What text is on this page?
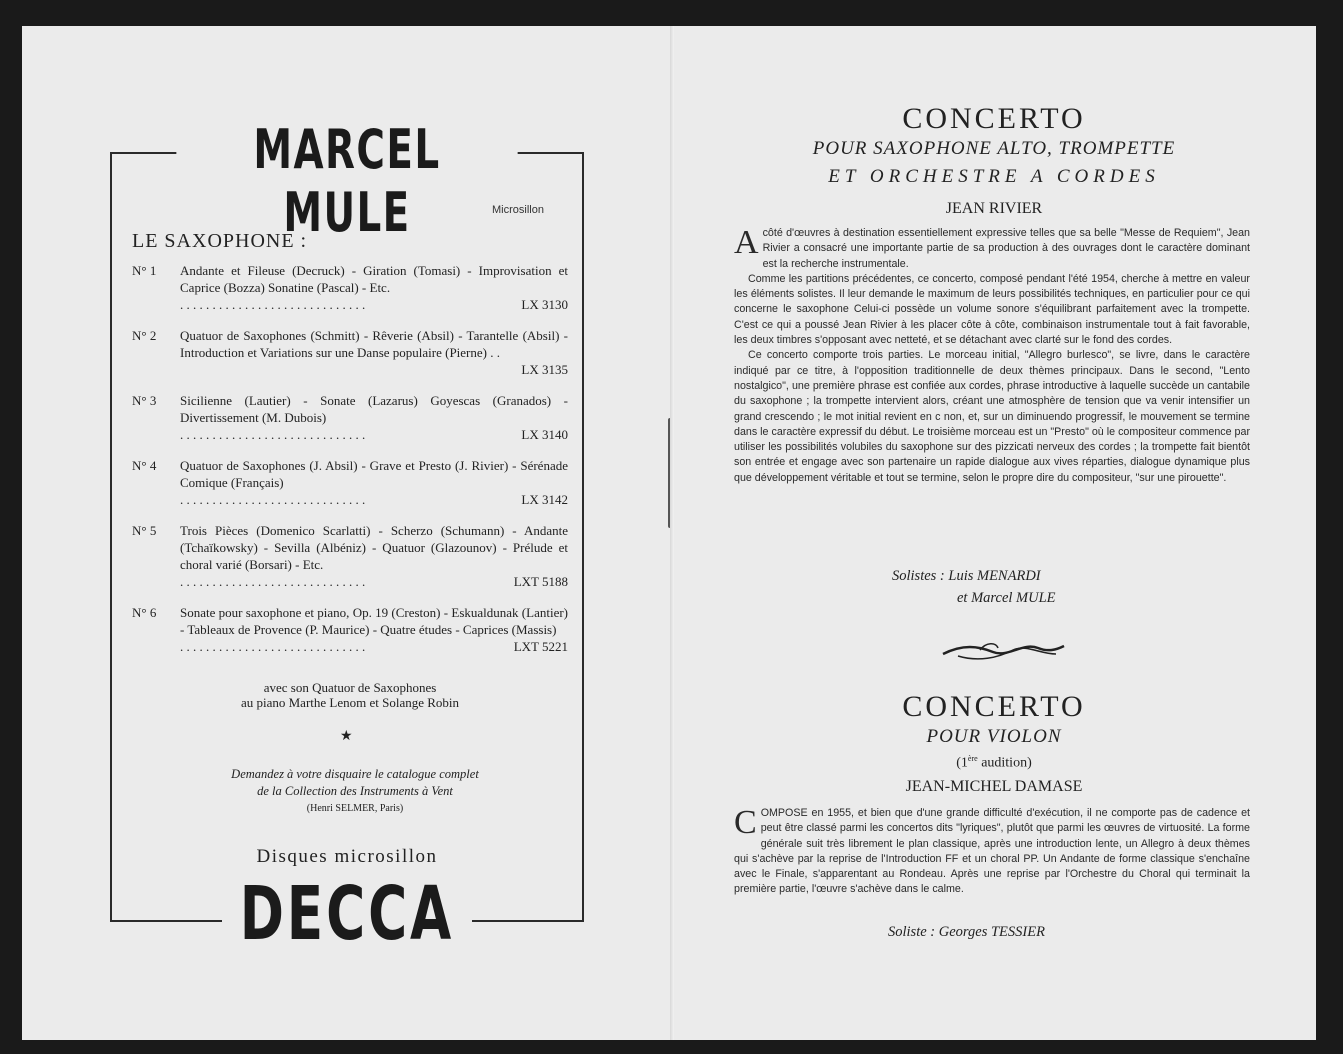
MARCEL MULE	Microsillon
LE SAXOPHONE :
N° 1	Andante et Fileuse (Decruck) - Giration (Tomasi) - Improvisation et Caprice (Bozza) Sonatine (Pascal) - Etc.
. . . . . . . . . . . . . . . . . . . . . . . . . . . . .	LX 3130
N° 2	Quatuor de Saxophones (Schmitt) - Rêverie (Absil) - Tarantelle (Absil) - Introduction et Variations sur une Danse populaire (Pierne) . .
LX 3135
N° 3	Sicilienne (Lautier) - Sonate (Lazarus) Goyescas (Granados) - Divertissement (M. Dubois)
. . . . . . . . . . . . . . . . . . . . . . . . . . . . .	LX 3140
N° 4	Quatuor de Saxophones (J. Absil) - Grave et Presto (J. Rivier) - Sérénade Comique (Français)
. . . . . . . . . . . . . . . . . . . . . . . . . . . . .	LX 3142
N° 5	Trois Pièces (Domenico Scarlatti) - Scherzo (Schumann) - Andante (Tchaïkowsky) - Sevilla (Albéniz) - Quatuor (Glazounov) - Prélude et choral varié (Borsari) - Etc.
. . . . . . . . . . . . . . . . . . . . . . . . . . . . .	LXT 5188
N° 6	Sonate pour saxophone et piano, Op. 19 (Creston) - Eskualdunak (Lantier) - Tableaux de Provence (P. Maurice) - Quatre études - Caprices (Massis)
. . . . . . . . . . . . . . . . . . . . . . . . . . . . .	LXT 5221
avec son Quatuor de Saxophones
au piano Marthe Lenom et Solange Robin
★
Demandez à votre disquaire le catalogue complet
de la Collection des Instruments à Vent
(Henri SELMER, Paris)
Disques microsillon
DECCA
CONCERTO
POUR SAXOPHONE ALTO, TROMPETTE
ET ORCHESTRE A CORDES
JEAN RIVIER

Acôté d'œuvres à destination essentiellement expressive telles que sa belle "Messe de Requiem", Jean Rivier a consacré une importante partie de sa production à des ouvrages dont le caractère dominant est la recherche instrumentale.

Comme les partitions précédentes, ce concerto, composé pendant l'été 1954, cherche à mettre en valeur les éléments solistes. Il leur demande le maximum de leurs possibilités techniques, en particulier pour ce qui concerne le saxophone Celui-ci possède un volume sonore s'équilibrant parfaitement avec la trompette. C'est ce qui a poussé Jean Rivier à les placer côte à côte, combinaison instrumentale tout à fait favorable, les deux timbres s'opposant avec netteté, et se détachant avec clarté sur le fond des cordes.

Ce concerto comporte trois parties. Le morceau initial, "Allegro burlesco", se livre, dans le caractère indiqué par ce titre, à l'opposition traditionnelle de deux thèmes principaux. Dans le second, "Lento nostalgico", une première phrase est confiée aux cordes, phrase introductive à laquelle succède un cantabile du saxophone ; la trompette intervient alors, créant une atmosphère de tension que va venir intensifier un grand crescendo ; le mot initial revient en c non, et, sur un diminuendo progressif, le mouvement se termine dans le caractère expressif du début. Le troisième morceau est un "Presto" où le compositeur commence par utiliser les possibilités volubiles du saxophone sur des pizzicati nerveux des cordes ; la trompette fait bientôt son entrée et engage avec son partenaire un rapide dialogue aux vives réparties, dialogue dynamique plus que développement véritable et tout se termine, selon le propre dire du compositeur, "sur une pirouette".

Solistes : Luis MENARDI
et Marcel MULE
CONCERTO
POUR VIOLON
(1ère audition)
JEAN-MICHEL DAMASE

COMPOSE en 1955, et bien que d'une grande difficulté d'exécution, il ne comporte pas de cadence et peut être classé parmi les concertos dits "lyriques", plutôt que parmi les œuvres de virtuosité. La forme générale suit très librement le plan classique, après une introduction lente, un Allegro à deux thèmes qui s'achève par la reprise de l'Introduction FF et un choral PP. Un Andante de forme classique s'enchaîne avec le Finale, s'apparentant au Rondeau. Après une reprise par l'Orchestre du Choral qui terminait la première partie, l'œuvre s'achève dans le calme.

Soliste : Georges TESSIER
